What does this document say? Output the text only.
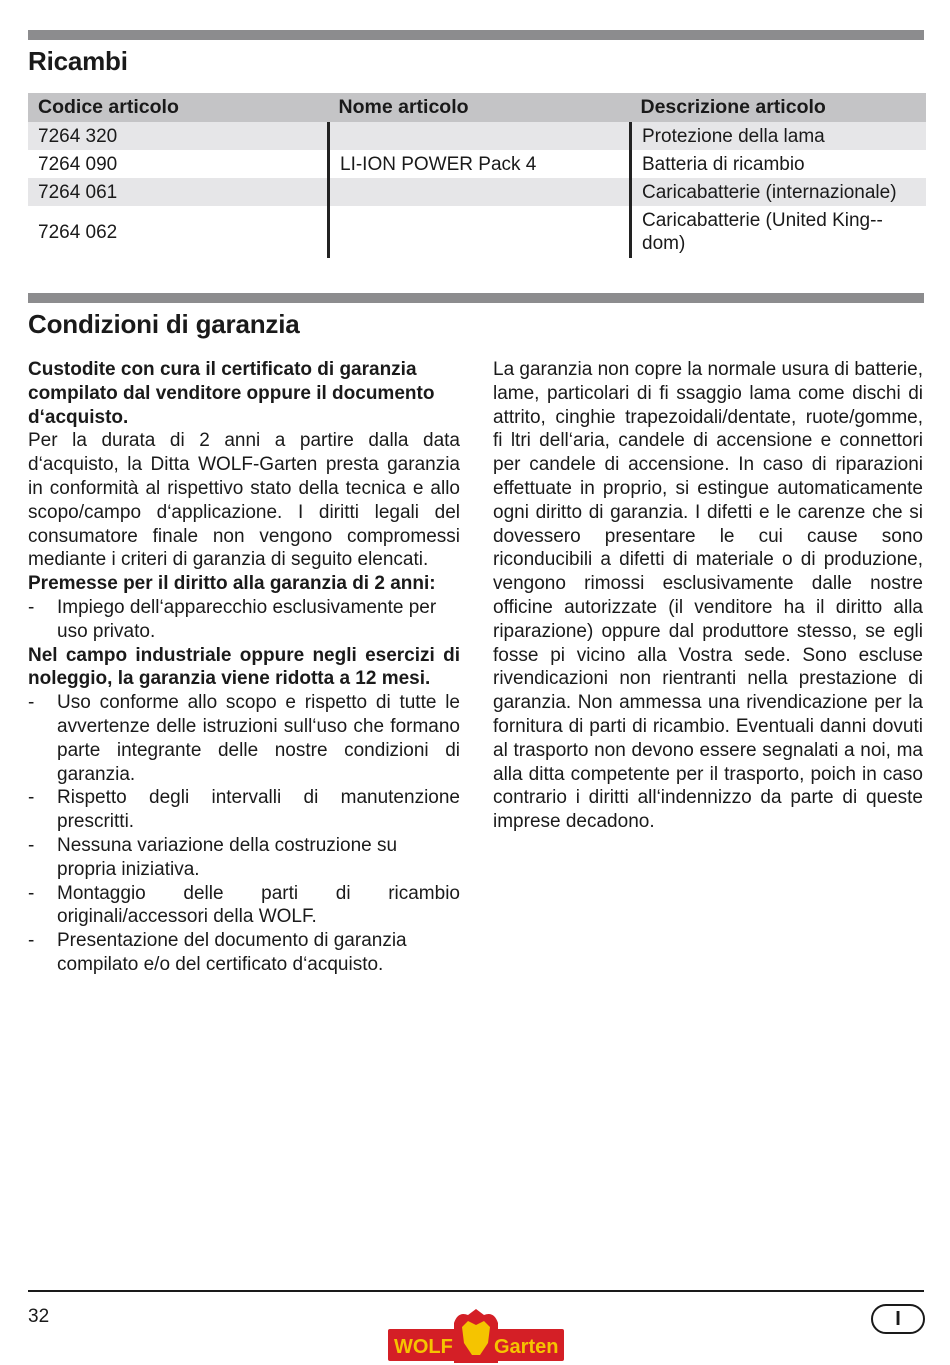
Ricambi
Codice articolo	Nome articolo	Descrizione articolo
7264 320		Protezione della lama
7264 090	LI-ION POWER Pack 4	Batteria di ricambio
7264 061		Caricabatterie (internazionale)
7264 062		Caricabatterie (United King-dom)
Condizioni di garanzia

Custodite con cura il certificato di garanzia compilato dal venditore oppure il documento d‘acquisto.

Per la durata di 2 anni a partire dalla data d‘acquisto, la Ditta WOLF-Garten presta garanzia in conformità al rispettivo stato della tecnica e allo scopo/campo d‘applicazione. I diritti legali del consumatore finale non vengono compromessi mediante i criteri di garanzia di seguito elencati.

Premesse per il diritto alla garanzia di 2 anni:

-	Impiego dell‘apparecchio esclusivamente per uso privato.

Nel campo industriale oppure negli esercizi di noleggio, la garanzia viene ridotta a 12 mesi.

-	Uso conforme allo scopo e rispetto di tutte le avvertenze delle istruzioni sull‘uso che formano parte integrante delle nostre condizioni di garanzia.
-	Rispetto degli intervalli di manutenzione prescritti.
-	Nessuna variazione della costruzione su propria iniziativa.
-	Montaggio delle parti di ricambio originali/accessori della WOLF.
-	Presentazione del documento di garanzia compilato e/o del certificato d‘acquisto.

La garanzia non copre la normale usura di batterie, lame, particolari di fi ssaggio lama come dischi di attrito, cinghie trapezoidali/dentate, ruote/gomme, fi ltri dell‘aria, candele di accensione e connettori per candele di accensione. In caso di riparazioni effettuate in proprio, si estingue automaticamente ogni diritto di garanzia. I difetti e le carenze che si dovessero presentare le cui cause sono riconducibili a difetti di materiale o di produzione, vengono rimossi esclusivamente dalle nostre officine autorizzate (il venditore ha il diritto alla riparazione) oppure dal produttore stesso, se egli fosse pi vicino alla Vostra sede. Sono escluse rivendicazioni non rientranti nella prestazione di garanzia. Non ammessa una rivendicazione per la fornitura di parti di ricambio. Eventuali danni dovuti al trasporto non devono essere segnalati a noi, ma alla ditta competente per il trasporto, poich in caso contrario i diritti all‘indennizzo da parte di queste imprese decadono.

32	I
WOLF Garten
